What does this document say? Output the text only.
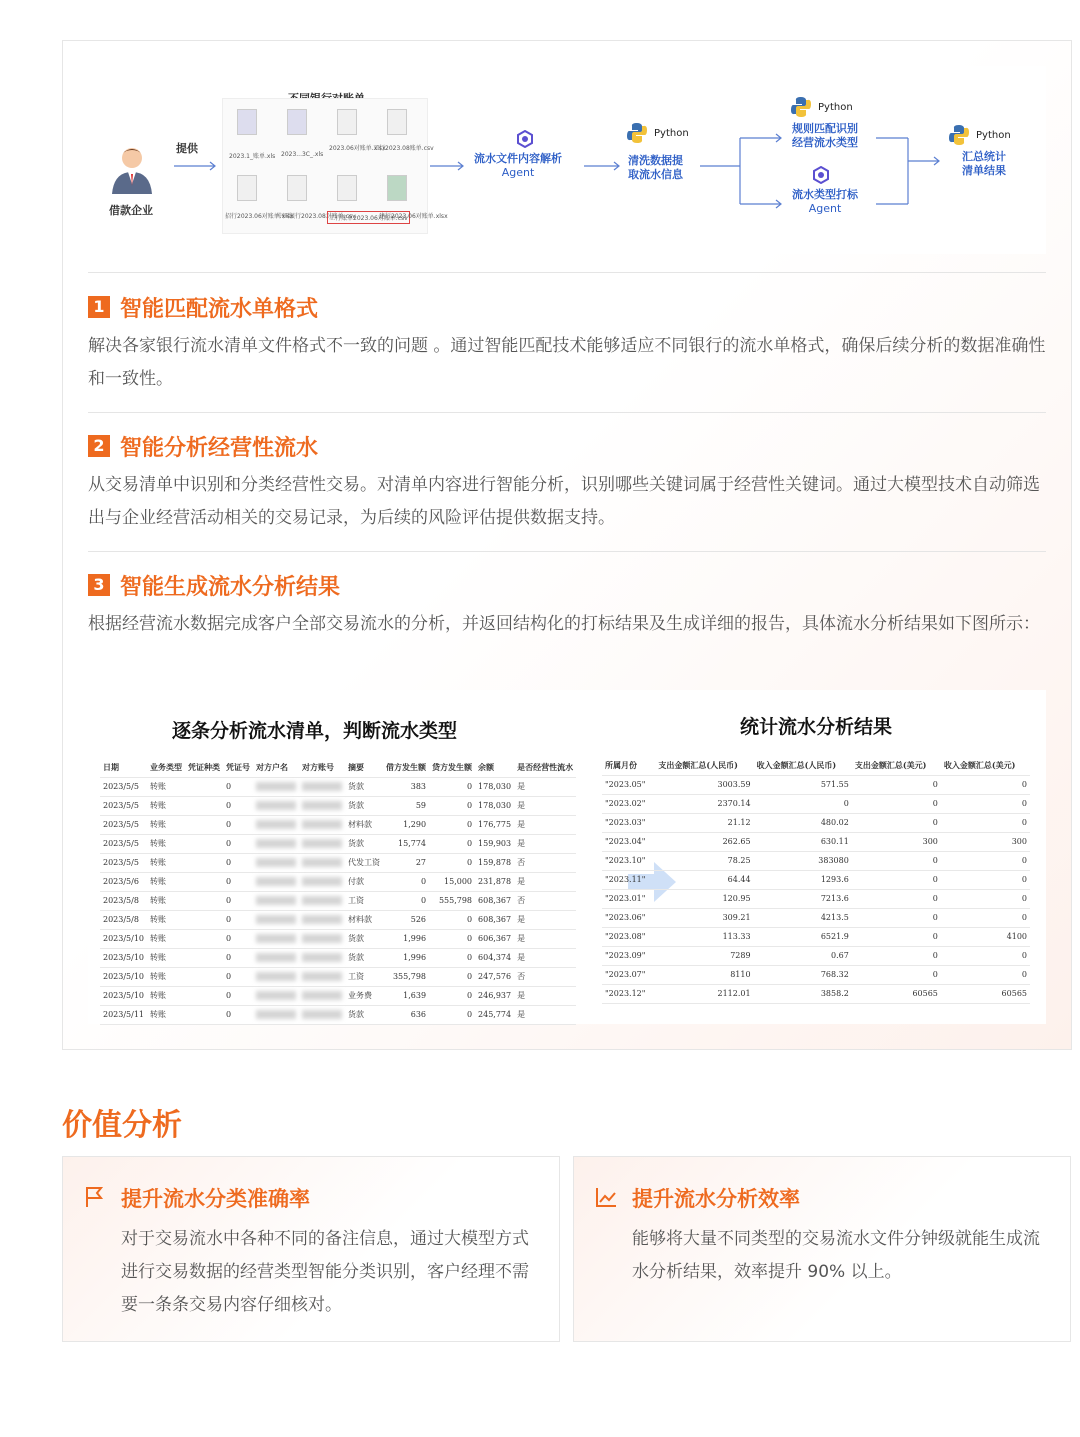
借款企业
提供
2023.1_账单.xls 2023...3C_.xls
2023.06对账单.xlsx
工行2023.08账单.csv
招行2023.06对账单.xlsx
中国银行2023.08对账单.csv
工行账单2023.06对账单.csv
建行2023.06对账单.xlsx
流水文件内容解析
Agent
Python
清洗数据提
取流水信息
Python
规则匹配识别
经营流水类型
流水类型打标
Agent
Python
汇总统计
清单结果
1 智能匹配流水单格式
解决各家银行流水清单文件格式不一致的问题 。通过智能匹配技术能够适应不同银行的流水单格式，确保后续分析的数据准确性和一致性。
2 智能分析经营性流水
从交易清单中识别和分类经营性交易。对清单内容进行智能分析，识别哪些关键词属于经营性关键词。通过大模型技术自动筛选出与企业经营活动相关的交易记录，为后续的风险评估提供数据支持。
3 智能生成流水分析结果
根据经营流水数据完成客户全部交易流水的分析，并返回结构化的打标结果及生成详细的报告，具体流水分析结果如下图所示：
逐条分析流水清单，判断流水类型	统计流水分析结果
日期	业务类型	凭证种类	凭证号	对方户名	对方账号	摘要	借方发生额	贷方发生额	余额	是否经营性流水
2023/5/5	转账		0			货款	383	0	178,030	是
2023/5/5	转账		0			货款	59	0	178,030	是
2023/5/5	转账		0			材料款	1,290	0	176,775	是
2023/5/5	转账		0			货款	15,774	0	159,903	是
2023/5/5	转账		0			代发工资	27	0	159,878	否
2023/5/6	转账		0			付款	0	15,000	231,878	是
2023/5/8	转账		0			工资	0	555,798	608,367	否
2023/5/8	转账		0			材料款	526	0	608,367	是
2023/5/10	转账		0			货款	1,996	0	606,367	是
2023/5/10	转账		0			货款	1,996	0	604,374	是
2023/5/10	转账		0			工资	355,798	0	247,576	否
2023/5/10	转账		0			业务费	1,639	0	246,937	是
2023/5/11	转账		0			货款	636	0	245,774	是
所属月份	支出金额汇总(人民币)	收入金额汇总(人民币)	支出金额汇总(美元)	收入金额汇总(美元)
"2023.05"	3003.59	571.55	0	0
"2023.02"	2370.14	0	0	0
"2023.03"	21.12	480.02	0	0
"2023.04"	262.65	630.11	300	300
"2023.10"	78.25	383080	0	0
"2023.11"	64.44	1293.6	0	0
"2023.01"	120.95	7213.6	0	0
"2023.06"	309.21	4213.5	0	0
"2023.08"	113.33	6521.9	0	4100
"2023.09"	7289	0.67	0	0
"2023.07"	8110	768.32	0	0
"2023.12"	2112.01	3858.2	60565	60565
价值分析
提升流水分类准确率
对于交易流水中各种不同的备注信息，通过大模型方式进行交易数据的经营类型智能分类识别，客户经理不需要一条条交易内容仔细核对。
提升流水分析效率
能够将大量不同类型的交易流水文件分钟级就能生成流水分析结果，效率提升 90% 以上。
